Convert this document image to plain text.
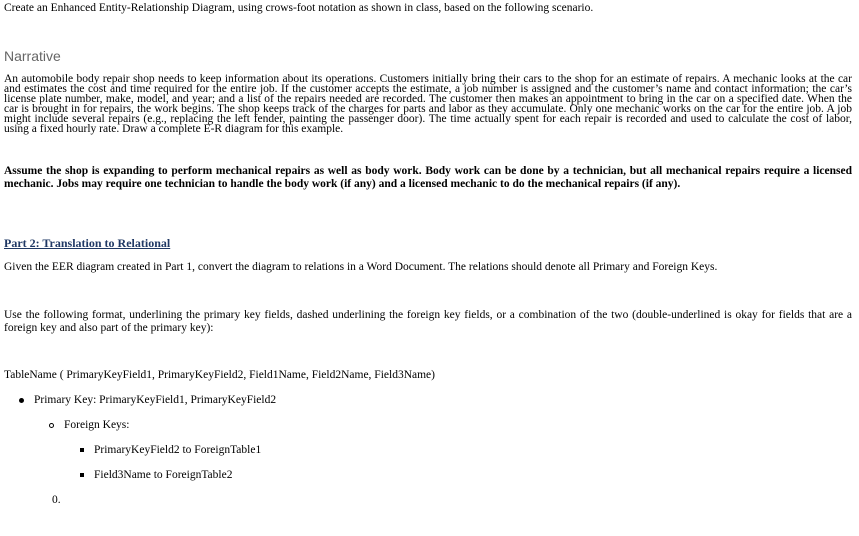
Create an Enhanced Entity-Relationship Diagram, using crows-foot notation as shown in class, based on the following scenario.
Narrative
An automobile body repair shop needs to keep information about its operations. Customers initially bring their cars to the shop for an estimate of repairs. A mechanic looks at the car and estimates the cost and time required for the entire job. If the customer accepts the estimate, a job number is assigned and the customer’s name and contact information; the car’s license plate number, make, model, and year; and a list of the repairs needed are recorded. The customer then makes an appointment to bring in the car on a specified date. When the car is brought in for repairs, the work begins. The shop keeps track of the charges for parts and labor as they accumulate. Only one mechanic works on the car for the entire job. A job might include several repairs (e.g., replacing the left fender, painting the passenger door). The time actually spent for each repair is recorded and used to calculate the cost of labor, using a fixed hourly rate. Draw a complete E-R diagram for this example.
Assume the shop is expanding to perform mechanical repairs as well as body work. Body work can be done by a technician, but all mechanical repairs require a licensed mechanic. Jobs may require one technician to handle the body work (if any) and a licensed mechanic to do the mechanical repairs (if any).
Part 2: Translation to Relational
Given the EER diagram created in Part 1, convert the diagram to relations in a Word Document. The relations should denote all Primary and Foreign Keys.
Use the following format, underlining the primary key fields, dashed underlining the foreign key fields, or a combination of the two (double-underlined is okay for fields that are a foreign key and also part of the primary key):
TableName ( PrimaryKeyField1, PrimaryKeyField2, Field1Name, Field2Name, Field3Name)
Primary Key: PrimaryKeyField1, PrimaryKeyField2
Foreign Keys:
PrimaryKeyField2 to ForeignTable1
Field3Name to ForeignTable2
0.
